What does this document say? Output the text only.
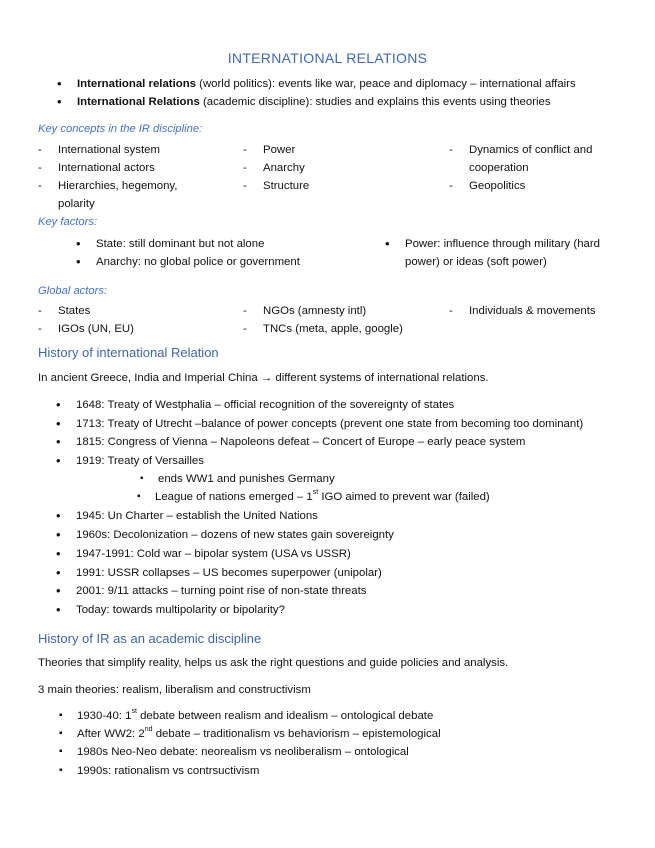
INTERNATIONAL RELATIONS
• International relations (world politics): events like war, peace and diplomacy – international affairs
• International Relations (academic discipline): studies and explains this events using theories
Key concepts in the IR discipline:
- International system
- International actors
- Hierarchies, hegemony,
polarity
- Power
- Anarchy
- Structure
- Dynamics of conflict and
cooperation
- Geopolitics
Key factors:
• State: still dominant but not alone
• Anarchy: no global police or government
• Power: influence through military (hard
power) or ideas (soft power)
Global actors:
- States
- IGOs (UN, EU)
- NGOs (amnesty intl)
- TNCs (meta, apple, google)
- Individuals & movements
History of international Relation
In ancient Greece, India and Imperial China → different systems of international relations.
• 1648: Treaty of Westphalia – official recognition of the sovereignty of states
• 1713: Treaty of Utrecht –balance of power concepts (prevent one state from becoming too dominant)
• 1815: Congress of Vienna – Napoleons defeat – Concert of Europe – early peace system
• 1919: Treaty of Versailles
▪ ends WW1 and punishes Germany
▪ League of nations emerged – 1st IGO aimed to prevent war (failed)
• 1945: Un Charter – establish the United Nations
• 1960s: Decolonization – dozens of new states gain sovereignty
• 1947-1991: Cold war – bipolar system (USA vs USSR)
• 1991: USSR collapses – US becomes superpower (unipolar)
• 2001: 9/11 attacks – turning point rise of non-state threats
• Today: towards multipolarity or bipolarity?
History of IR as an academic discipline
Theories that simplify reality, helps us ask the right questions and guide policies and analysis.
3 main theories: realism, liberalism and constructivism
▪ 1930-40: 1st debate between realism and idealism – ontological debate
▪ After WW2: 2nd debate – traditionalism vs behaviorism – epistemological
▪ 1980s Neo-Neo debate: neorealism vs neoliberalism – ontological
▪ 1990s: rationalism vs contrsuctivism
